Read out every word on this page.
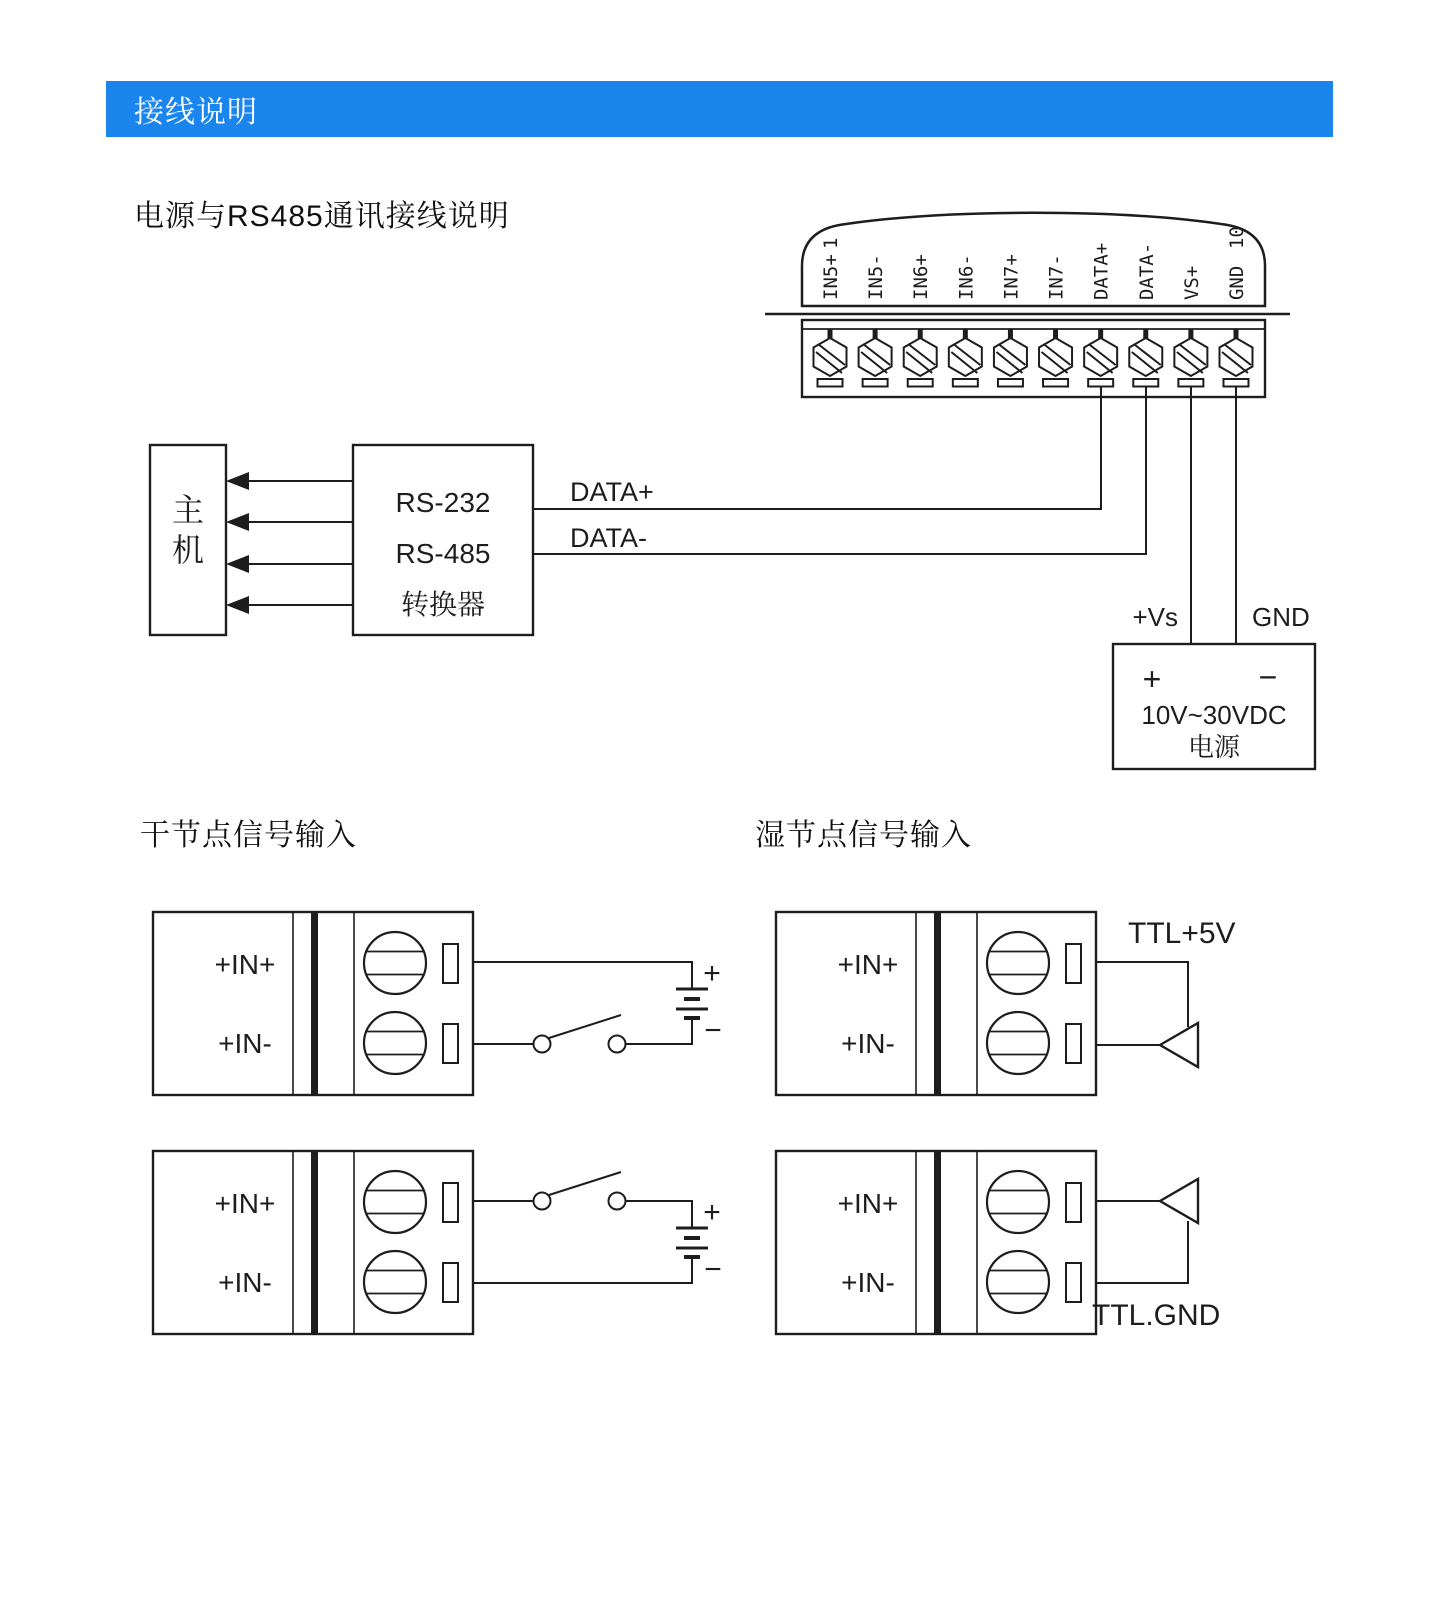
接线说明
电源与RS485通讯接线说明
干节点信号输入	湿节点信号输入
IN5+ IN5- IN6+ IN6- IN7+ IN7- DATA+ DATA- VS+ GND
1	10
DATA+
DATA-
+Vs	GND
主
机
RS-232
RS-485
转换器
+	−
10V~30VDC
电源
+IN+
+IN-
+
−
+IN+
+IN-
+
−
+IN+
+IN-
TTL+5V
+IN+
+IN-
TTL.GND
